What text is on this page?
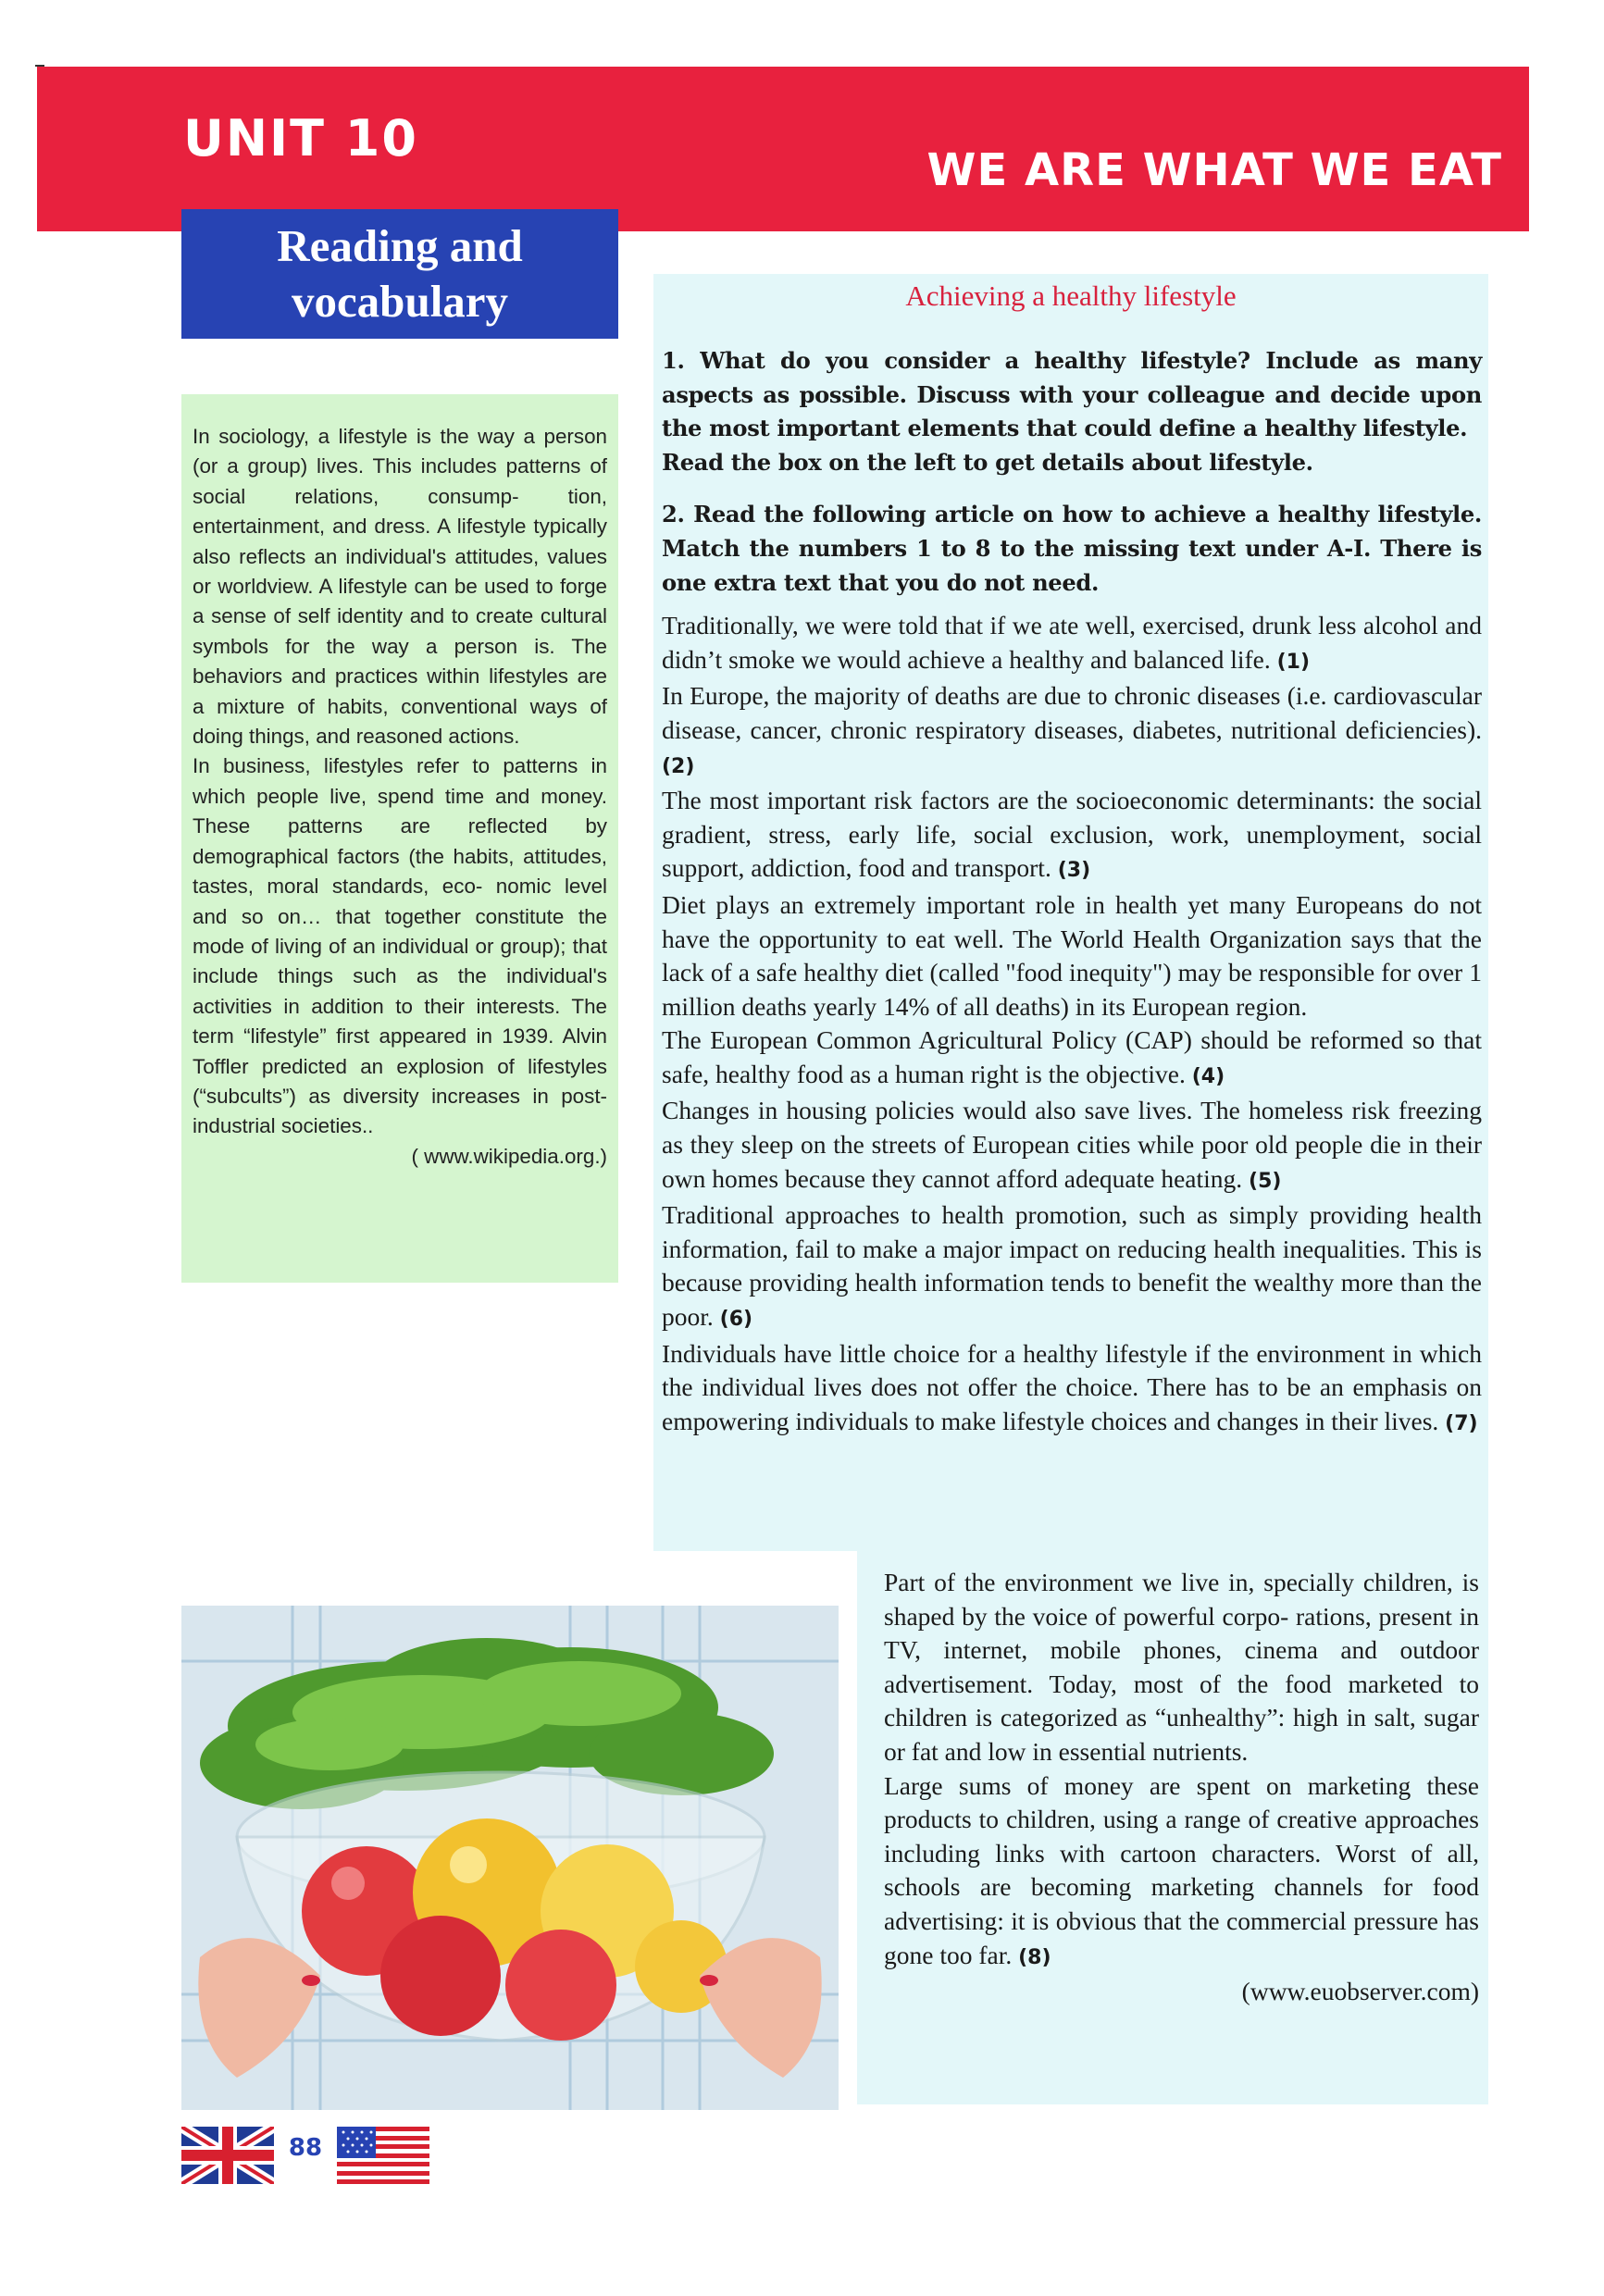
UNIT 10
WE ARE WHAT WE EAT
Reading and
vocabulary

In sociology, a lifestyle is the way a person (or a group) lives. This includes patterns of social relations, consump- tion, entertainment, and dress. A lifestyle typically also reflects an individual's attitudes, values or worldview. A lifestyle can be used to forge a sense of self identity and to create cultural symbols for the way a person is. The behaviors and practices within lifestyles are a mixture of habits, conventional ways of doing things, and reasoned actions.

In business, lifestyles refer to patterns in which people live, spend time and money. These patterns are reflected by demographical factors (the habits, attitudes, tastes, moral standards, eco- nomic level and so on… that together constitute the mode of living of an individual or group); that include things such as the individual's activities in addition to their interests. The term “lifestyle” first appeared in 1939. Alvin Toffler predicted an explosion of lifestyles (“subcults”) as diversity increases in post-industrial societies..

( www.wikipedia.org.)

Achieving a healthy lifestyle
1. What do you consider a healthy lifestyle? Include as many aspects as possible. Discuss with your colleague and decide upon the most important elements that could define a healthy lifestyle.
Read the box on the left to get details about lifestyle.
2. Read the following article on how to achieve a healthy lifestyle. Match the numbers 1 to 8 to the missing text under A-I. There is one extra text that you do not need.

Traditionally, we were told that if we ate well, exercised, drunk less alcohol and didn’t smoke we would achieve a healthy and balanced life. (1)

In Europe, the majority of deaths are due to chronic diseases (i.e. cardiovascular disease, cancer, chronic respiratory diseases, diabetes, nutritional deficiencies). (2)

The most important risk factors are the socioeconomic determinants: the social gradient, stress, early life, social exclusion, work, unemployment, social support, addiction, food and transport. (3)

Diet plays an extremely important role in health yet many Europeans do not have the opportunity to eat well. The World Health Organization says that the lack of a safe healthy diet (called "food inequity") may be responsible for over 1 million deaths yearly 14% of all deaths) in its European region.

The European Common Agricultural Policy (CAP) should be reformed so that safe, healthy food as a human right is the objective. (4)

Changes in housing policies would also save lives. The homeless risk freezing as they sleep on the streets of European cities while poor old people die in their own homes because they cannot afford adequate heating. (5)

Traditional approaches to health promotion, such as simply providing health information, fail to make a major impact on reducing health inequalities. This is because providing health information tends to benefit the wealthy more than the poor. (6)

Individuals have little choice for a healthy lifestyle if the environment in which the individual lives does not offer the choice. There has to be an emphasis on empowering individuals to make lifestyle choices and changes in their lives. (7)

Part of the environment we live in, specially children, is shaped by the voice of powerful corpo- rations, present in TV, internet, mobile phones, cinema and outdoor advertisement. Today, most of the food marketed to children is categorized as “unhealthy”: high in salt, sugar or fat and low in essential nutrients.

Large sums of money are spent on marketing these products to children, using a range of creative approaches including links with cartoon characters. Worst of all, schools are becoming marketing channels for food advertising: it is obvious that the commercial pressure has gone too far. (8)

(www.euobserver.com)

88
